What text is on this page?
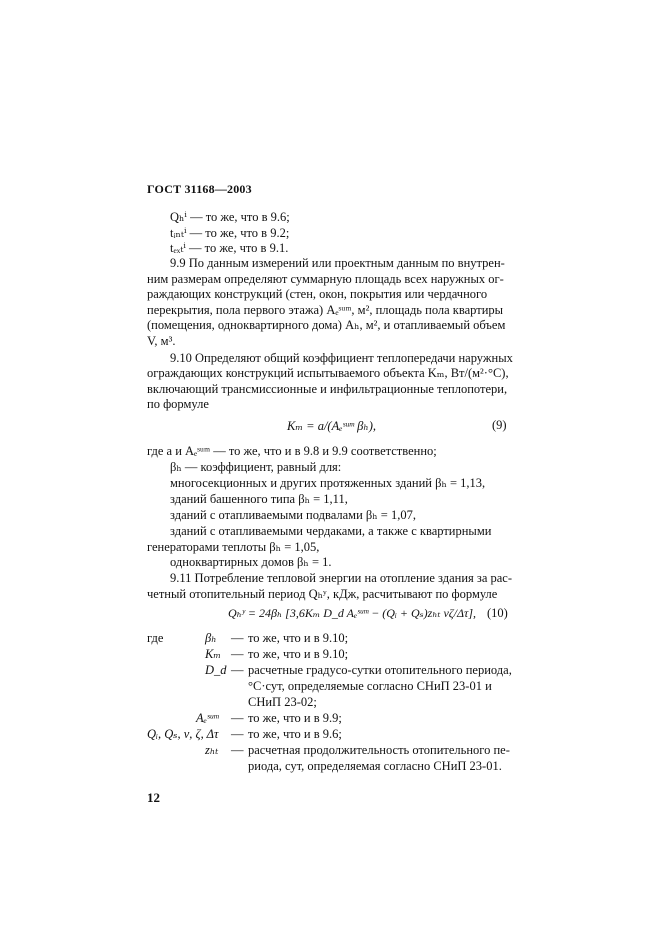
ГОСТ 31168—2003
Qₕⁱ — то же, что в 9.6;
tᵢₙₜⁱ — то же, что в 9.2;
tₑₓₜⁱ — то же, что в 9.1.
9.9 По данным измерений или проектным данным по внутрен-
ним размерам определяют суммарную площадь всех наружных ог-
раждающих конструкций (стен, окон, покрытия или чердачного
перекрытия, пола первого этажа) Aₑˢᵘᵐ, м², площадь пола квартиры
(помещения, одноквартирного дома) Aₕ, м², и отапливаемый объем
V, м³.
9.10 Определяют общий коэффициент теплопередачи наружных
ограждающих конструкций испытываемого объекта Kₘ, Вт/(м²·°С),
включающий трансмиссионные и инфильтрационные теплопотери,
по формуле
Kₘ = a/(Aₑˢᵘᵐ βₕ),	(9)
где a и Aₑˢᵘᵐ — то же, что и в 9.8 и 9.9 соответственно;
βₕ — коэффициент, равный для:
многосекционных и других протяженных зданий βₕ = 1,13,
зданий башенного типа βₕ = 1,11,
зданий с отапливаемыми подвалами βₕ = 1,07,
зданий с отапливаемыми чердаками, а также с квартирными
генераторами теплоты βₕ = 1,05,
одноквартирных домов βₕ = 1.
9.11 Потребление тепловой энергии на отопление здания за рас-
четный отопительный период Qₕʸ, кДж, расчитывают по формуле
Qₕʸ = 24βₕ [3,6Kₘ D_d Aₑˢᵘᵐ − (Qᵢ + Qₛ)zₕₜ νζ/Δτ], (10)
где	βₕ — то же, что и в 9.10;
Kₘ — то же, что и в 9.10;
D_d — расчетные градусо-сутки отопительного периода,
°С·сут, определяемые согласно СНиП 23-01 и
СНиП 23-02;
Aₑˢᵘᵐ — то же, что и в 9.9;
Qᵢ, Qₛ, ν, ζ, Δτ — то же, что и в 9.6;
zₕₜ — расчетная продолжительность отопительного пе-
риода, сут, определяемая согласно СНиП 23-01.
12
